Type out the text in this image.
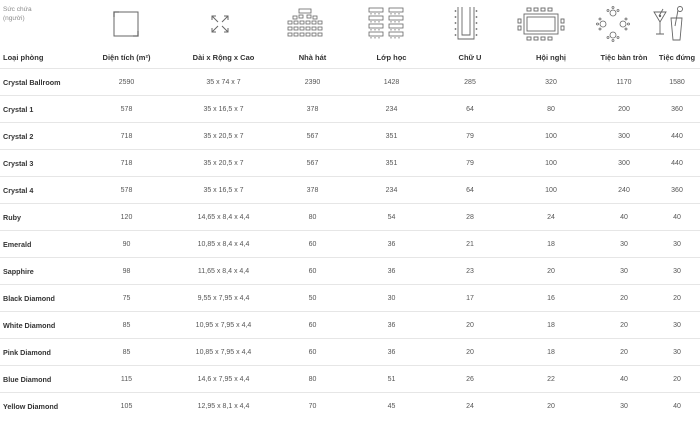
Sức chứa
(người)
Loại phòng	Diện tích (m²)	Dài x Rộng x Cao	Nhà hát	Lớp học	Chữ U	Hội nghị	Tiệc bàn tròn	Tiệc đứng
Crystal Ballroom	2590	35 x 74 x 7	2390	1428	285	320	1170	1580
Crystal 1	578	35 x 16,5 x 7	378	234	64	80	200	360
Crystal 2	718	35 x 20,5 x 7	567	351	79	100	300	440
Crystal 3	718	35 x 20,5 x 7	567	351	79	100	300	440
Crystal 4	578	35 x 16,5 x 7	378	234	64	100	240	360
Ruby	120	14,65 x 8,4 x 4,4	80	54	28	24	40	40
Emerald	90	10,85 x 8,4 x 4,4	60	36	21	18	30	30
Sapphire	98	11,65 x 8,4 x 4,4	60	36	23	20	30	30
Black Diamond	75	9,55 x 7,95 x 4,4	50	30	17	16	20	20
White Diamond	85	10,95 x 7,95 x 4,4	60	36	20	18	20	30
Pink Diamond	85	10,85 x 7,95 x 4,4	60	36	20	18	20	30
Blue Diamond	115	14,6 x 7,95 x 4,4	80	51	26	22	40	20
Yellow Diamond	105	12,95 x 8,1 x 4,4	70	45	24	20	30	40
